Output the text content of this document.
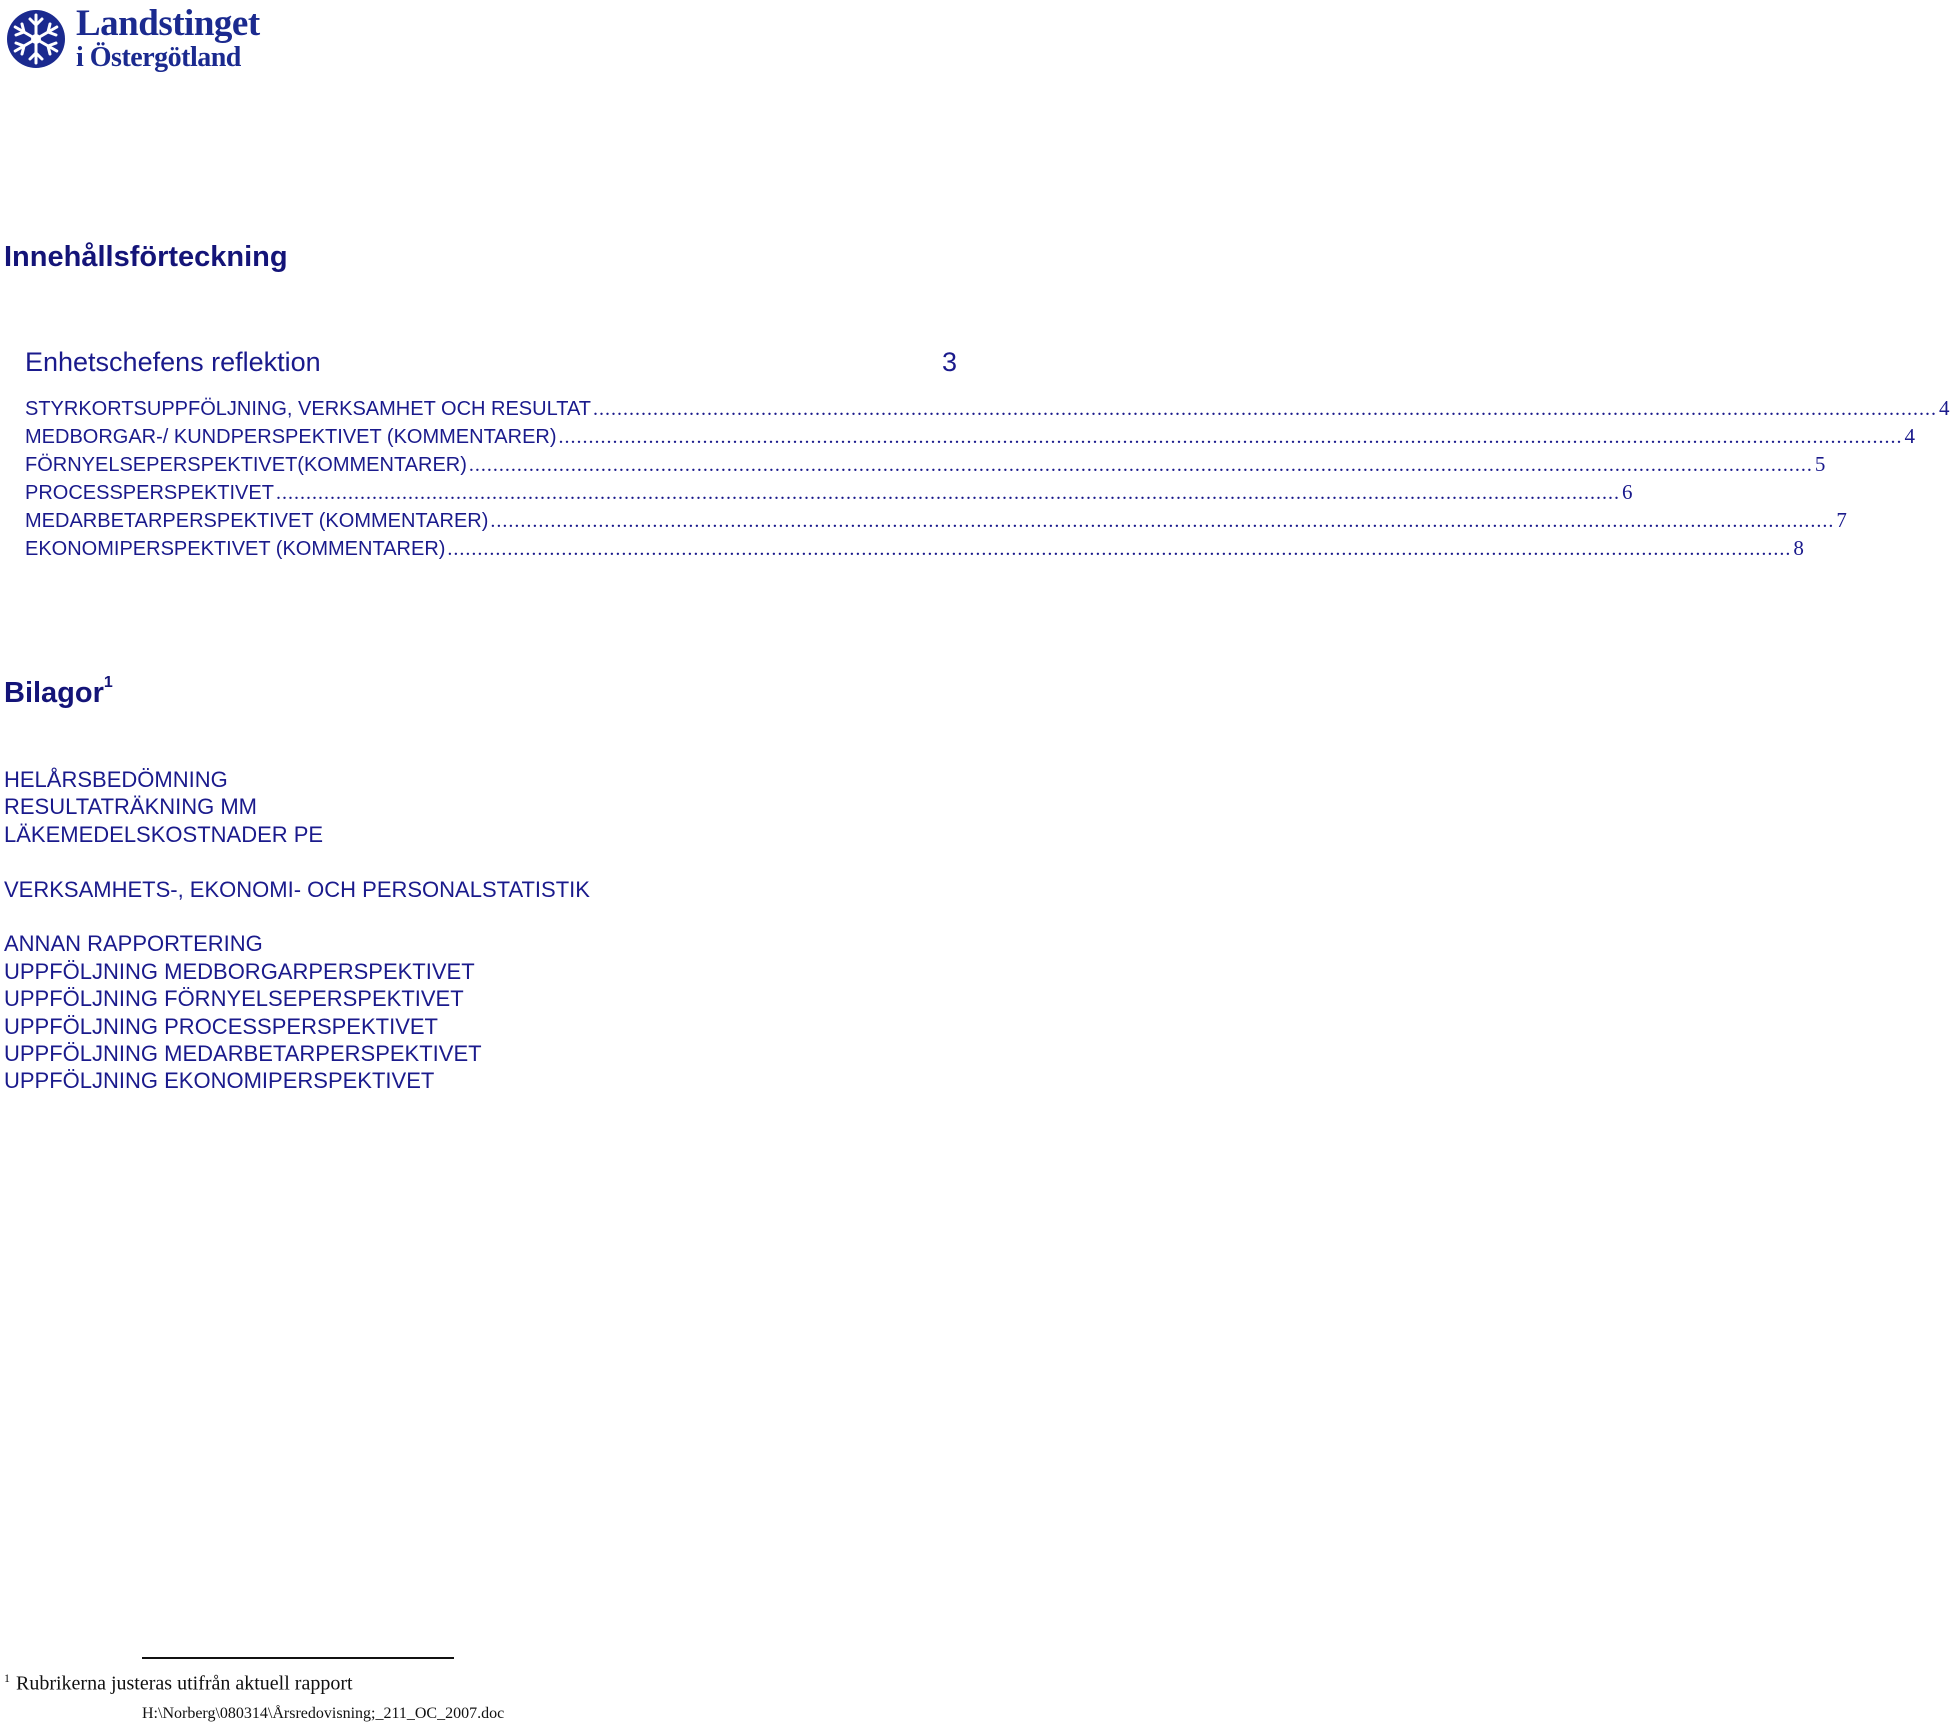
Landstinget
i Östergötland
Innehållsförteckning
Enhetschefens reflektion	3
STYRKORTSUPPFÖLJNING, VERKSAMHET OCH RESULTAT ................................................................................................................................................................................................................................ 4
MEDBORGAR-/ KUNDPERSPEKTIVET (KOMMENTARER) ................................................................................................................................................................................................................................ 4
FÖRNYELSEPERSPEKTIVET(KOMMENTARER) ................................................................................................................................................................................................................................ 5
PROCESSPERSPEKTIVET ................................................................................................................................................................................................................................ 6
MEDARBETARPERSPEKTIVET (KOMMENTARER) ................................................................................................................................................................................................................................ 7
EKONOMIPERSPEKTIVET (KOMMENTARER) ................................................................................................................................................................................................................................ 8
Bilagor$^1$
HELÅRSBEDÖMNING
RESULTATRÄKNING MM
LÄKEMEDELSKOSTNADER PE
VERKSAMHETS-, EKONOMI- OCH PERSONALSTATISTIK
ANNAN RAPPORTERING
UPPFÖLJNING MEDBORGARPERSPEKTIVET
UPPFÖLJNING FÖRNYELSEPERSPEKTIVET
UPPFÖLJNING PROCESSPERSPEKTIVET
UPPFÖLJNING MEDARBETARPERSPEKTIVET
UPPFÖLJNING EKONOMIPERSPEKTIVET
$^1$ Rubrikerna justeras utifrån aktuell rapport
H:\Norberg\080314\Årsredovisning;_211_OC_2007.doc
